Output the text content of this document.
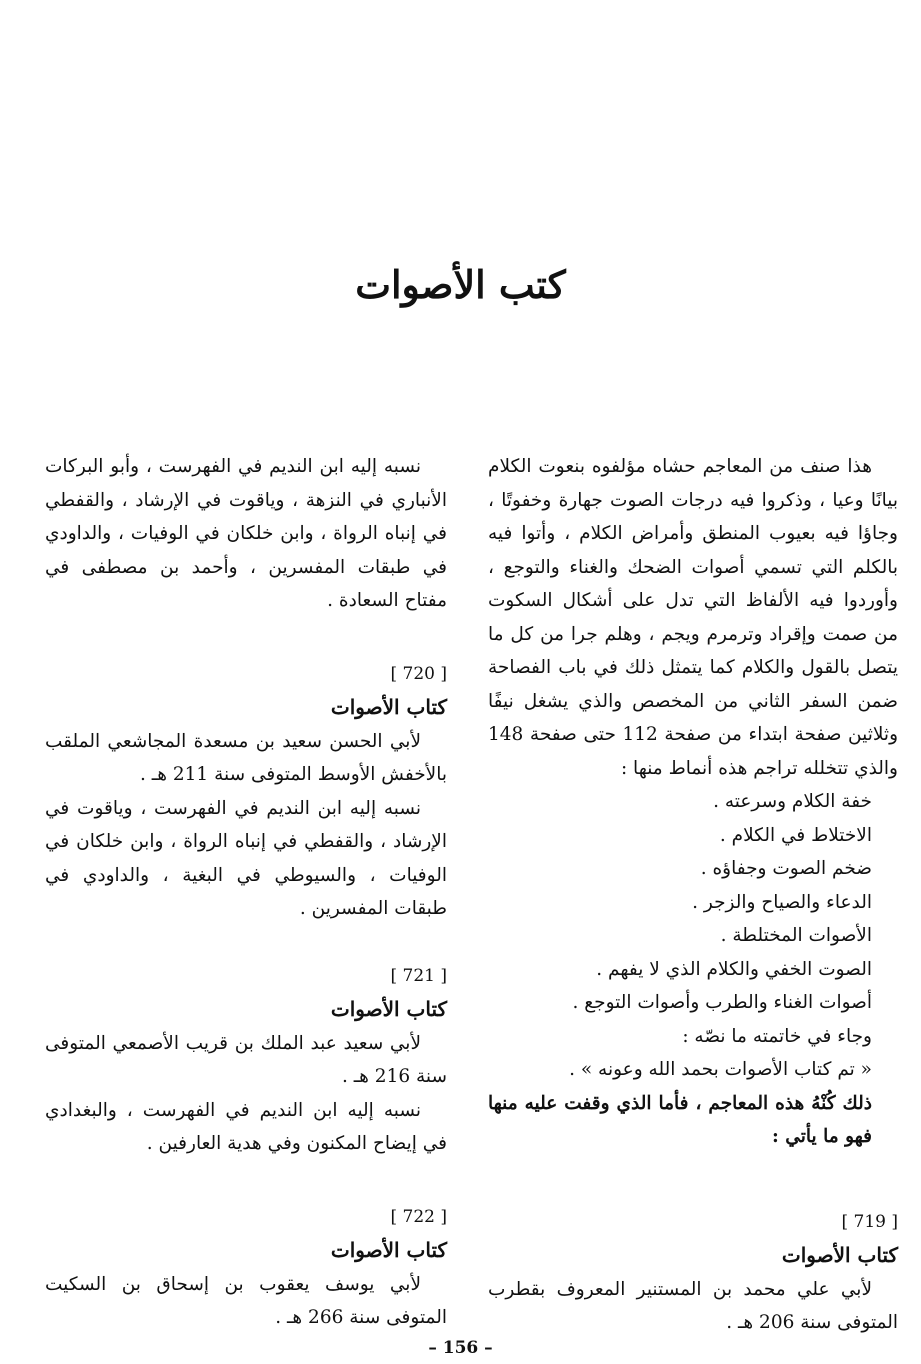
كتب الأصوات

هذا صنف من المعاجم حشاه مؤلفوه بنعوت الكلام بيانًا وعيا ، وذكروا فيه درجات الصوت جهارة وخفوتًا ، وجاؤا فيه بعيوب المنطق وأمراض الكلام ، وأتوا فيه بالكلم التي تسمي أصوات الضحك والغناء والتوجع ، وأوردوا فيه الألفاظ التي تدل على أشكال السكوت من صمت وإقراد وترمرم ويجم ، وهلم جرا من كل ما يتصل بالقول والكلام كما يتمثل ذلك في باب الفصاحة ضمن السفر الثاني من المخصص والذي يشغل نيفًا وثلاثين صفحة ابتداء من صفحة 112 حتى صفحة 148 والذي تتخلله تراجم هذه أنماط منها :

خفة الكلام وسرعته .

الاختلاط في الكلام .

ضخم الصوت وجفاؤه .

الدعاء والصياح والزجر .

الأصوات المختلطة .

الصوت الخفي والكلام الذي لا يفهم .

أصوات الغناء والطرب وأصوات التوجع .

وجاء في خاتمته ما نصّه :

« تم كتاب الأصوات بحمد الله وعونه » .

ذلك كُنْهُ هذه المعاجم ، فأما الذي وقفت عليه منها فهو ما يأتي :

[ 719 ]

كتاب الأصوات

لأبي علي محمد بن المستنير المعروف بقطرب المتوفى سنة 206 هـ .

نسبه إليه ابن النديم في الفهرست ، وأبو البركات الأنباري في النزهة ، وياقوت في الإرشاد ، والقفطي في إنباه الرواة ، وابن خلكان في الوفيات ، والداودي في طبقات المفسرين ، وأحمد بن مصطفى في مفتاح السعادة .

[ 720 ]

كتاب الأصوات

لأبي الحسن سعيد بن مسعدة المجاشعي الملقب بالأخفش الأوسط المتوفى سنة 211 هـ .

نسبه إليه ابن النديم في الفهرست ، وياقوت في الإرشاد ، والقفطي في إنباه الرواة ، وابن خلكان في الوفيات ، والسيوطي في البغية ، والداودي في طبقات المفسرين .

[ 721 ]

كتاب الأصوات

لأبي سعيد عبد الملك بن قريب الأصمعي المتوفى سنة 216 هـ .

نسبه إليه ابن النديم في الفهرست ، والبغدادي في إيضاح المكنون وفي هدية العارفين .

[ 722 ]

كتاب الأصوات

لأبي يوسف يعقوب بن إسحاق بن السكيت المتوفى سنة 266 هـ .

– 156 –
